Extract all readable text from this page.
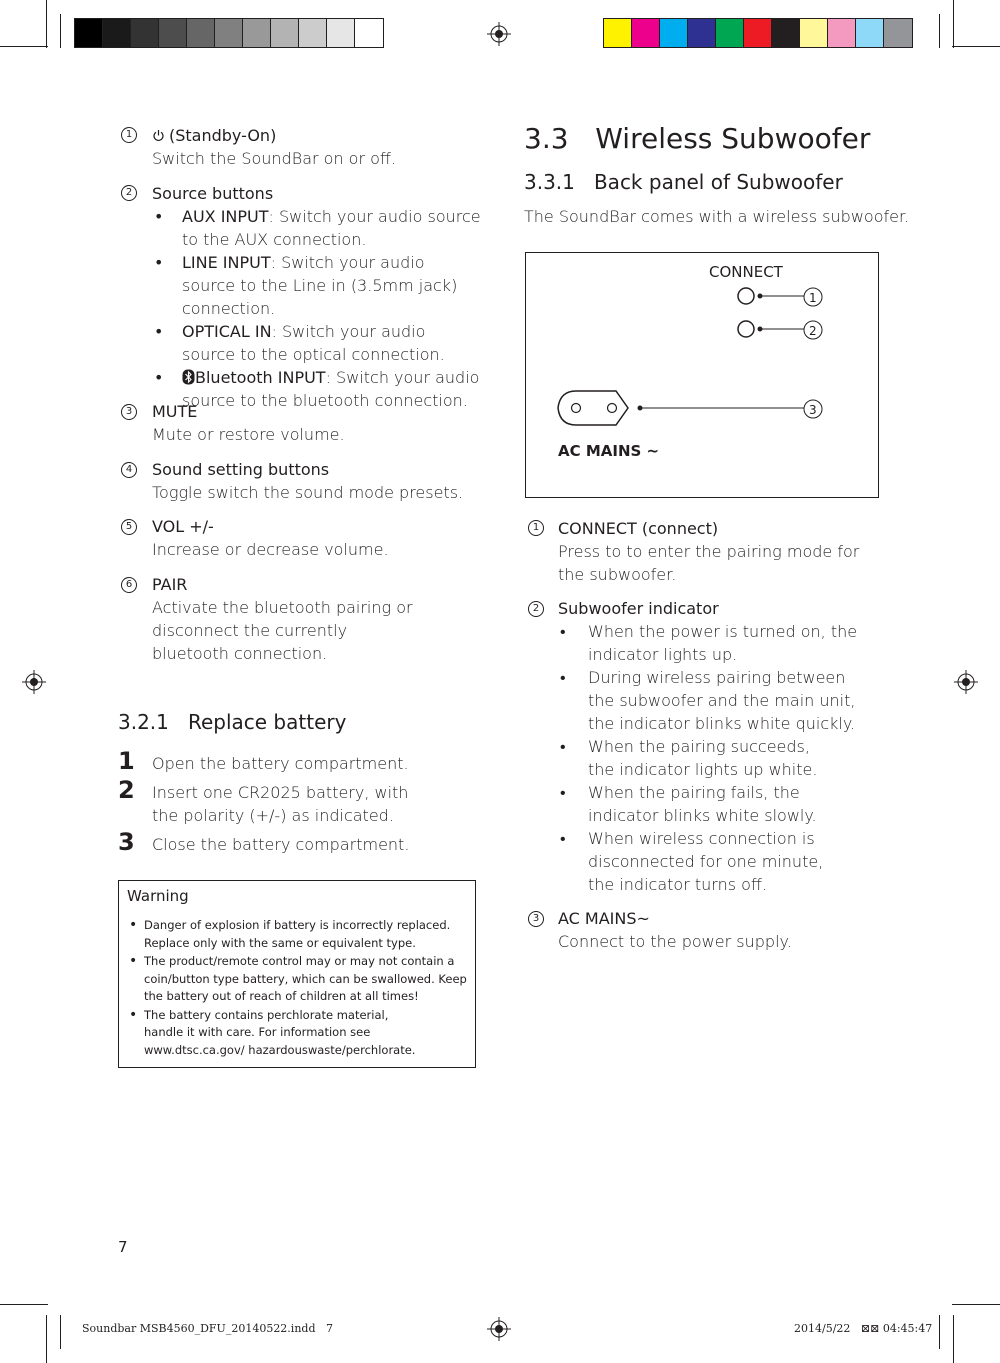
1	(Standby-On)
Switch the SoundBar on or off.
2	Source buttons
• AUX INPUT: Switch your audio source to the AUX connection.
• LINE INPUT: Switch your audio source to the Line in (3.5mm jack) connection.
• OPTICAL IN: Switch your audio source to the optical connection.
• Bluetooth INPUT: Switch your audio source to the bluetooth connection.
3	MUTE
Mute or restore volume.
4	Sound setting buttons
Toggle switch the sound mode presets.
5	VOL +/-
Increase or decrease volume.
6	PAIR
Activate the bluetooth pairing or disconnect the currently bluetooth connection.
3.2.1   Replace battery
1 Open the battery compartment.
2 Insert one CR2025 battery, with the polarity (+/-) as indicated.
3 Close the battery compartment.
Warning
• Danger of explosion if battery is incorrectly replaced. Replace only with the same or equivalent type.
• The product/remote control may or may not contain a coin/button type battery, which can be swallowed. Keep the battery out of reach of children at all times!
• The battery contains perchlorate material, handle it with care. For information see www.dtsc.ca.gov/ hazardouswaste/perchlorate.
7
3.3   Wireless Subwoofer
3.3.1   Back panel of Subwoofer
The SoundBar comes with a wireless subwoofer.
CONNECT
1
2
3
AC MAINS ~
1	CONNECT (connect)
Press to to enter the pairing mode for the subwoofer.
2	Subwoofer indicator
• When the power is turned on, the indicator lights up.
• During wireless pairing between the subwoofer and the main unit, the indicator blinks white quickly.
• When the pairing succeeds, the indicator lights up white.
• When the pairing fails, the indicator blinks white slowly.
• When wireless connection is disconnected for one minute, the indicator turns off.
3	AC MAINS~
Connect to the power supply.
Soundbar MSB4560_DFU_20140522.indd   7	2014/5/22   ⊠⊠ 04:45:47
